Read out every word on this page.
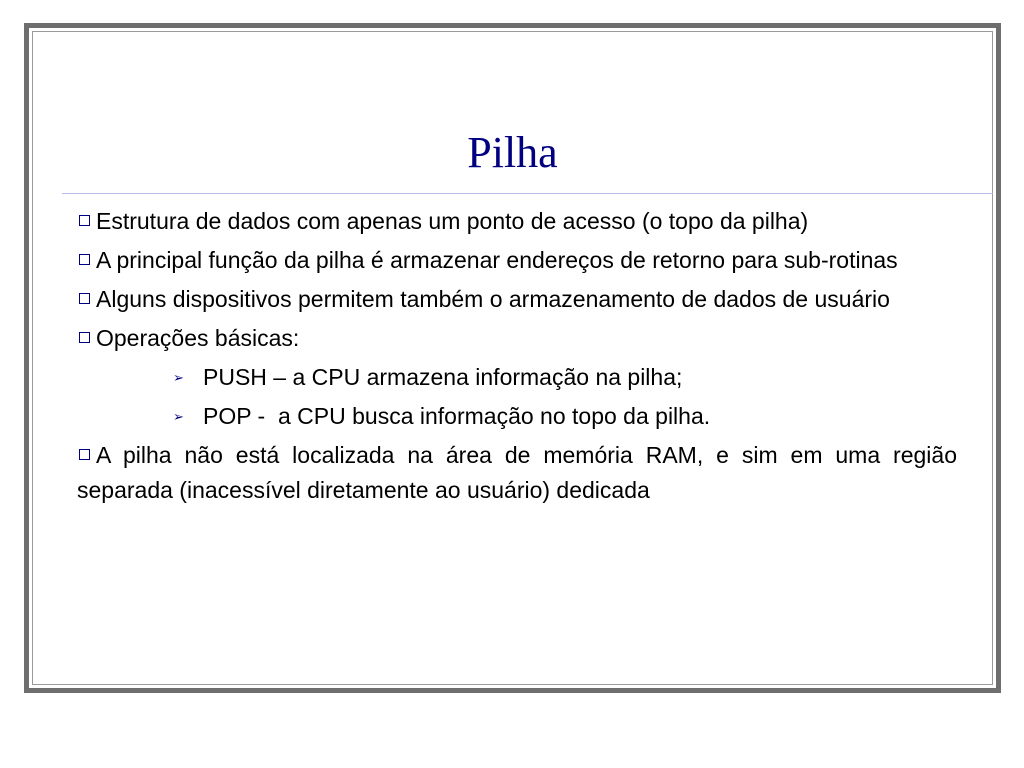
Pilha
Estrutura de dados com apenas um ponto de acesso (o topo da pilha)
A principal função da pilha é armazenar endereços de retorno para sub-rotinas
Alguns dispositivos permitem também o armazenamento de dados de usuário
Operações básicas:
➢ PUSH – a CPU armazena informação na pilha;
➢ POP -  a CPU busca informação no topo da pilha.
A pilha não está localizada na área de memória RAM, e sim em uma região separada (inacessível diretamente ao usuário) dedicada
